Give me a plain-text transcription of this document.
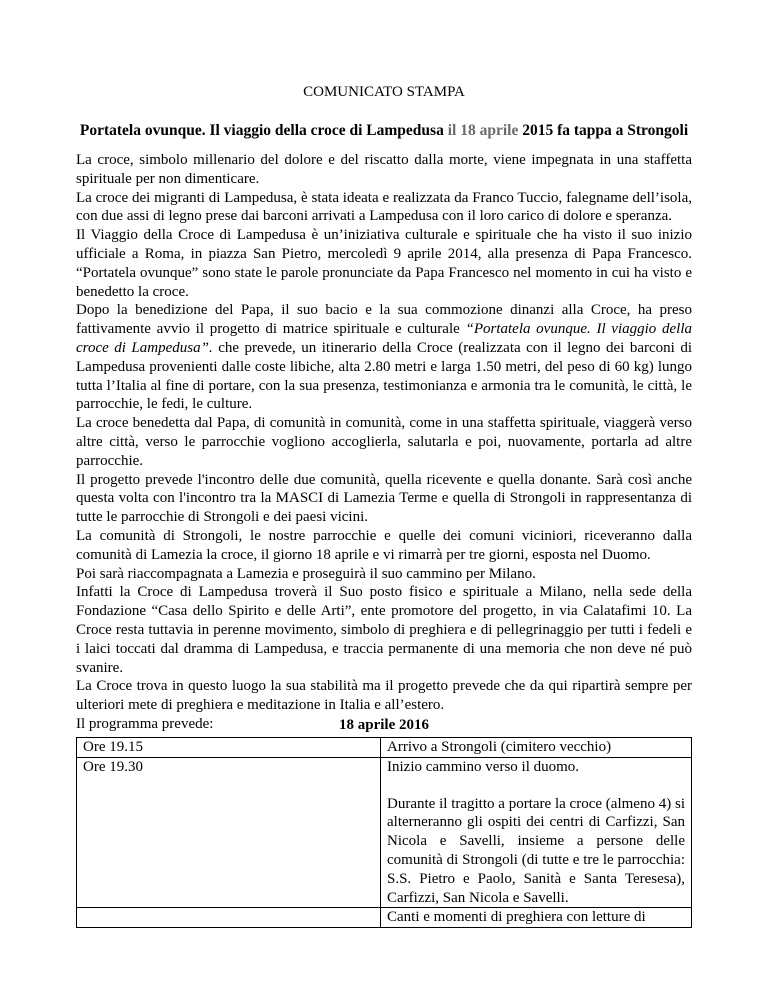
COMUNICATO STAMPA
Portatela ovunque. Il viaggio della croce di Lampedusa il 18 aprile 2015 fa tappa a Strongoli

La croce, simbolo millenario del dolore e del riscatto dalla morte, viene impegnata in una staffetta spirituale per non dimenticare.

La croce dei migranti di Lampedusa, è stata ideata e realizzata da Franco Tuccio, falegname dell’isola, con due assi di legno prese dai barconi arrivati a Lampedusa con il loro carico di dolore e speranza.

Il Viaggio della Croce di Lampedusa è un’iniziativa culturale e spirituale che ha visto il suo inizio ufficiale a Roma, in piazza San Pietro, mercoledì 9 aprile 2014, alla presenza di Papa Francesco. “Portatela ovunque” sono state le parole pronunciate da Papa Francesco nel momento in cui ha visto e benedetto la croce.

Dopo la benedizione del Papa, il suo bacio e la sua commozione dinanzi alla Croce, ha preso fattivamente avvio il progetto di matrice spirituale e culturale “Portatela ovunque. Il viaggio della croce di Lampedusa”. che prevede, un itinerario della Croce (realizzata con il legno dei barconi di Lampedusa provenienti dalle coste libiche, alta 2.80 metri e larga 1.50 metri, del peso di 60 kg) lungo tutta l’Italia al fine di portare, con la sua presenza, testimonianza e armonia tra le comunità, le città, le parrocchie, le fedi, le culture.

La croce benedetta dal Papa, di comunità in comunità, come in una staffetta spirituale, viaggerà verso altre città, verso le parrocchie vogliono accoglierla, salutarla e poi, nuovamente, portarla ad altre parrocchie.

Il progetto prevede l'incontro delle due comunità, quella ricevente e quella donante. Sarà così anche questa volta con l'incontro tra la MASCI di Lamezia Terme e quella di Strongoli in rappresentanza di tutte le parrocchie di Strongoli e dei paesi vicini.

La comunità di Strongoli, le nostre parrocchie e quelle dei comuni viciniori, riceveranno dalla comunità di Lamezia la croce, il giorno 18 aprile e vi rimarrà per tre giorni, esposta nel Duomo.

Poi sarà riaccompagnata a Lamezia e proseguirà il suo cammino per Milano.

Infatti la Croce di Lampedusa troverà il Suo posto fisico e spirituale a Milano, nella sede della Fondazione “Casa dello Spirito e delle Arti”, ente promotore del progetto, in via Calatafimi 10. La Croce resta tuttavia in perenne movimento, simbolo di preghiera e di pellegrinaggio per tutti i fedeli e i laici toccati dal dramma di Lampedusa, e traccia permanente di una memoria che non deve né può svanire.

La Croce trova in questo luogo la sua stabilità ma il progetto prevede che da qui ripartirà sempre per ulteriori mete di preghiera e meditazione in Italia e all’estero.

Il programma prevede:	18 aprile 2016
Ore 19.15	Arrivo a Strongoli (cimitero vecchio)
Ore 19.30	Inizio cammino verso il duomo.
Durante il tragitto a portare la croce (almeno 4) si alterneranno gli ospiti dei centri di Carfizzi, San Nicola e Savelli, insieme a persone delle comunità di Strongoli (di tutte e tre le parrocchia: S.S. Pietro e Paolo, Sanità e Santa Teresesa), Carfizzi, San Nicola e Savelli.

	Canti e momenti di preghiera con letture di
